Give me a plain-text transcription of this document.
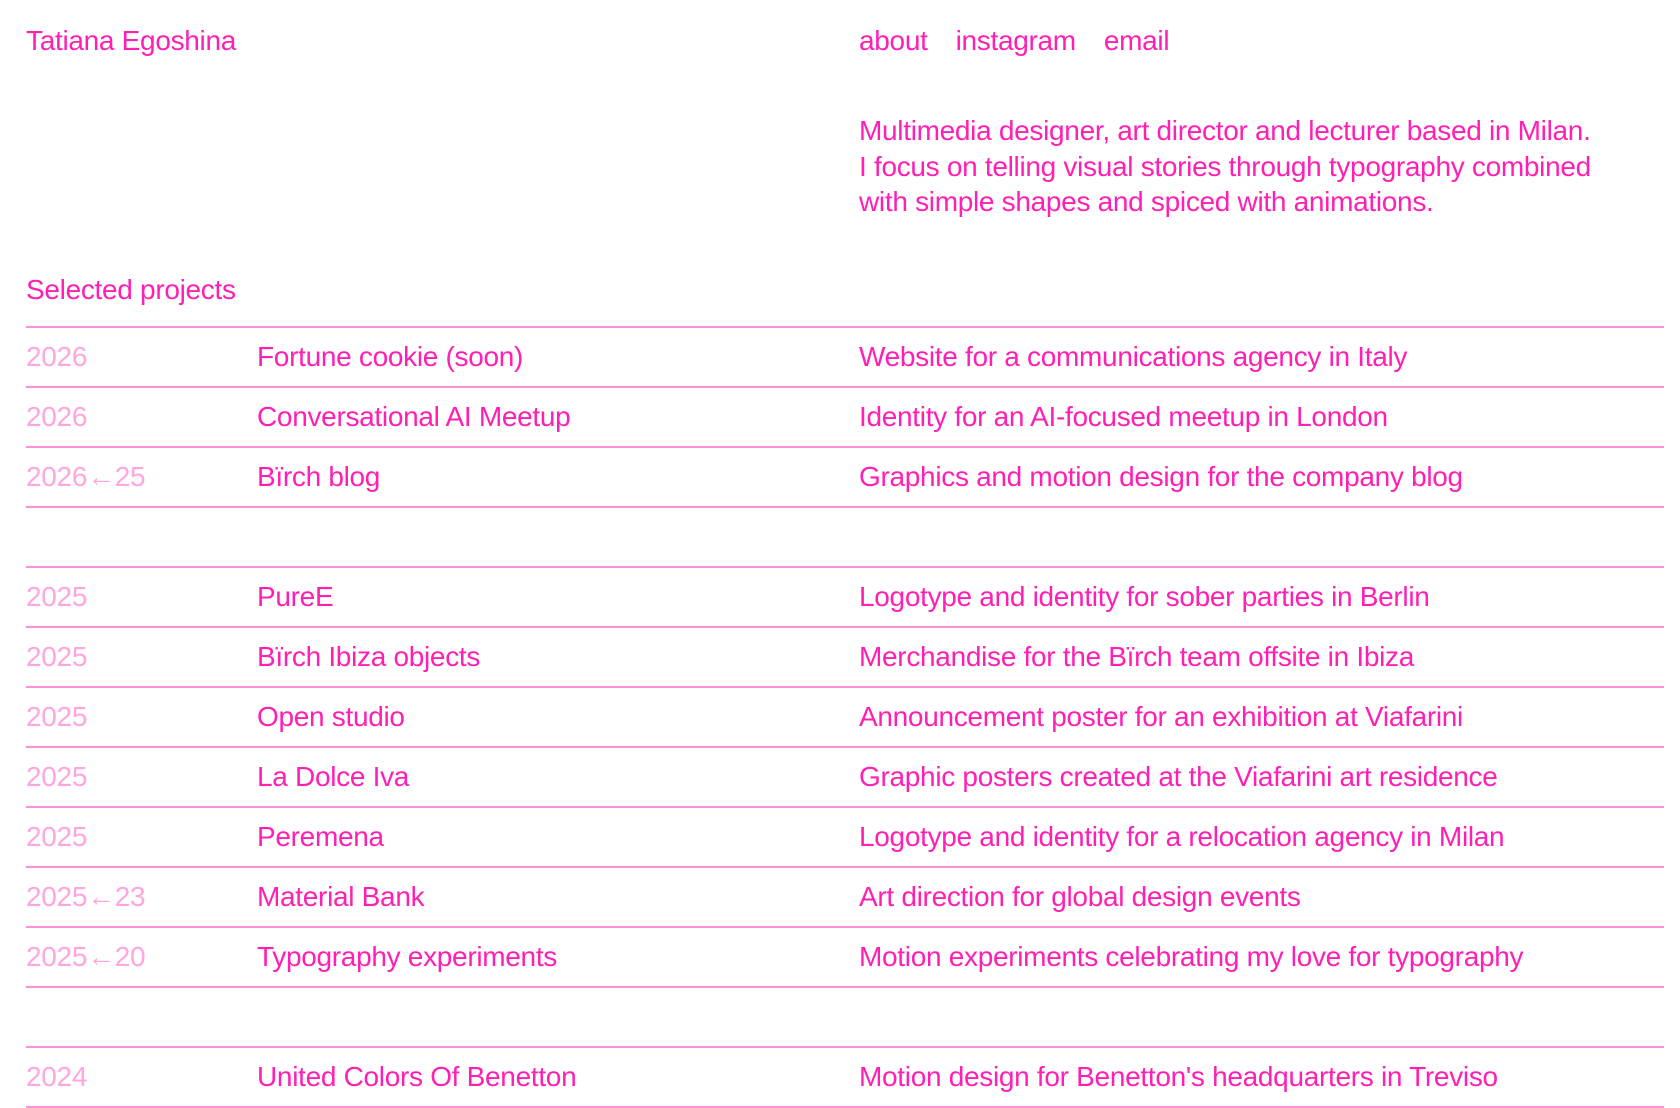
Tatiana Egoshina	about instagram email
Multimedia designer, art director and lecturer based in Milan.
I focus on telling visual stories through typography combined
with simple shapes and spiced with animations.
Selected projects
2026	Fortune cookie (soon)	Website for a communications agency in Italy
2026	Conversational AI Meetup	Identity for an AI-focused meetup in London
2026←25	Bïrch blog	Graphics and motion design for the company blog
2025	PureE	Logotype and identity for sober parties in Berlin
2025	Bïrch Ibiza objects	Merchandise for the Bïrch team offsite in Ibiza
2025	Open studio	Announcement poster for an exhibition at Viafarini
2025	La Dolce Iva	Graphic posters created at the Viafarini art residence
2025	Peremena	Logotype and identity for a relocation agency in Milan
2025←23	Material Bank	Art direction for global design events
2025←20	Typography experiments	Motion experiments celebrating my love for typography
2024	United Colors Of Benetton	Motion design for Benetton's headquarters in Treviso
